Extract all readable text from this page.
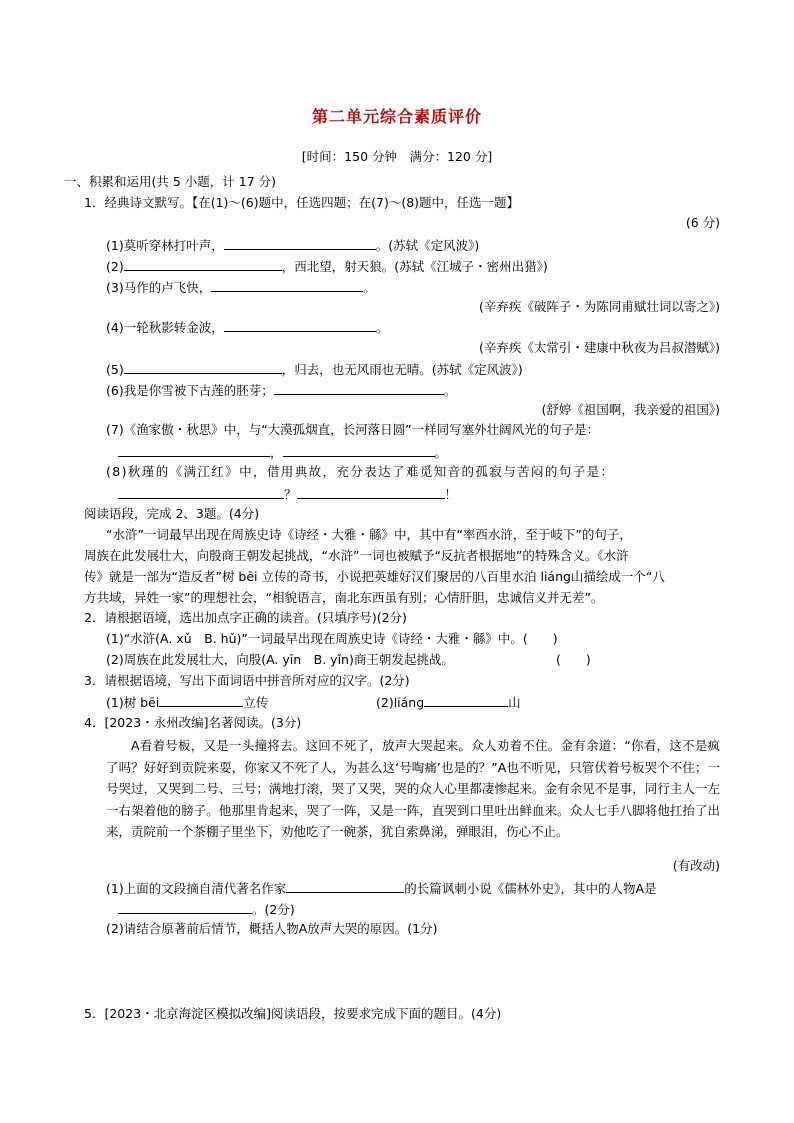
第二单元综合素质评价
[时间：150 分钟　满分：120 分]
一、积累和运用(共 5 小题，计 17 分)
1．经典诗文默写。【在(1)～(6)题中，任选四题；在(7)～(8)题中，任选一题】
(6 分)
(1)莫听穿林打叶声，	。(苏轼《定风波》)
(2)	，西北望，射天狼。(苏轼《江城子・密州出猎》)
(3)马作的卢飞快，	。
(辛弃疾《破阵子・为陈同甫赋壮词以寄之》)
(4)一轮秋影转金波，	。
(辛弃疾《太常引・建康中秋夜为吕叔潜赋》)
(5)	，归去，也无风雨也无晴。(苏轼《定风波》)
(6)我是你雪被下古莲的胚芽；	。
(舒婷《祖国啊，我亲爱的祖国》)
(7)《渔家傲・秋思》中，与“大漠孤烟直，长河落日圆”一样同写塞外壮阔风光的句子是：
，	。
(8)秋瑾的《满江红》中，借用典故，充分表达了难觅知音的孤寂与苦闷的句子是：
？	！
阅读语段，完成 2、3题。(4分)
“水浒”一词最早出现在周族史诗《诗经・大雅・緜》中，其中有“率西水浒，至于岐下”的句子，
周族在此发展壮大，向殷商王朝发起挑战，“水浒”一词也被赋予“反抗者根据地”的特殊含义。《水浒
传》就是一部为“造反者”树 bēi 立传的奇书，小说把英雄好汉们聚居的八百里水泊 liáng山描绘成一个“八
方共域，异姓一家”的理想社会，“相貌语言，南北东西虽有别；心情肝胆，忠诚信义并无差”。
2．请根据语境，选出加点字正确的读音。(只填序号)(2分)
(1)“水浒(A. xǔ　B. hǔ)”一词最早出现在周族史诗《诗经・大雅・緜》中。(　　)
(2)周族在此发展壮大，向殷(A. yīn　B. yǐn)商王朝发起挑战。	(　　)
3．请根据语境，写出下面词语中拼音所对应的汉字。(2分)
(1)树 bēi	立传	(2)liáng	山
4．[2023・永州改编]名著阅读。(3分)
A看着号板，又是一头撞将去。这回不死了，放声大哭起来。众人劝着不住。金有余道：“你看，这不是疯了吗？好好到贡院来耍，你家又不死了人，为甚么这‘号啕痛’也是的？”A也不听见，只管伏着号板哭个不住；一号哭过，又哭到二号、三号；满地打滚，哭了又哭，哭的众人心里都凄惨起来。金有余见不是事，同行主人一左一右架着他的膀子。他那里肯起来，哭了一阵，又是一阵，直哭到口里吐出鲜血来。众人七手八脚将他扛抬了出来，贡院前一个茶棚子里坐下，劝他吃了一碗茶，犹自索鼻涕，弹眼泪，伤心不止。
(有改动)
(1)上面的文段摘自清代著名作家	的长篇讽刺小说《儒林外史》，其中的人物A是
。(2分)
(2)请结合原著前后情节，概括人物A放声大哭的原因。(1分)
5．[2023・北京海淀区模拟改编]阅读语段，按要求完成下面的题目。(4分)
